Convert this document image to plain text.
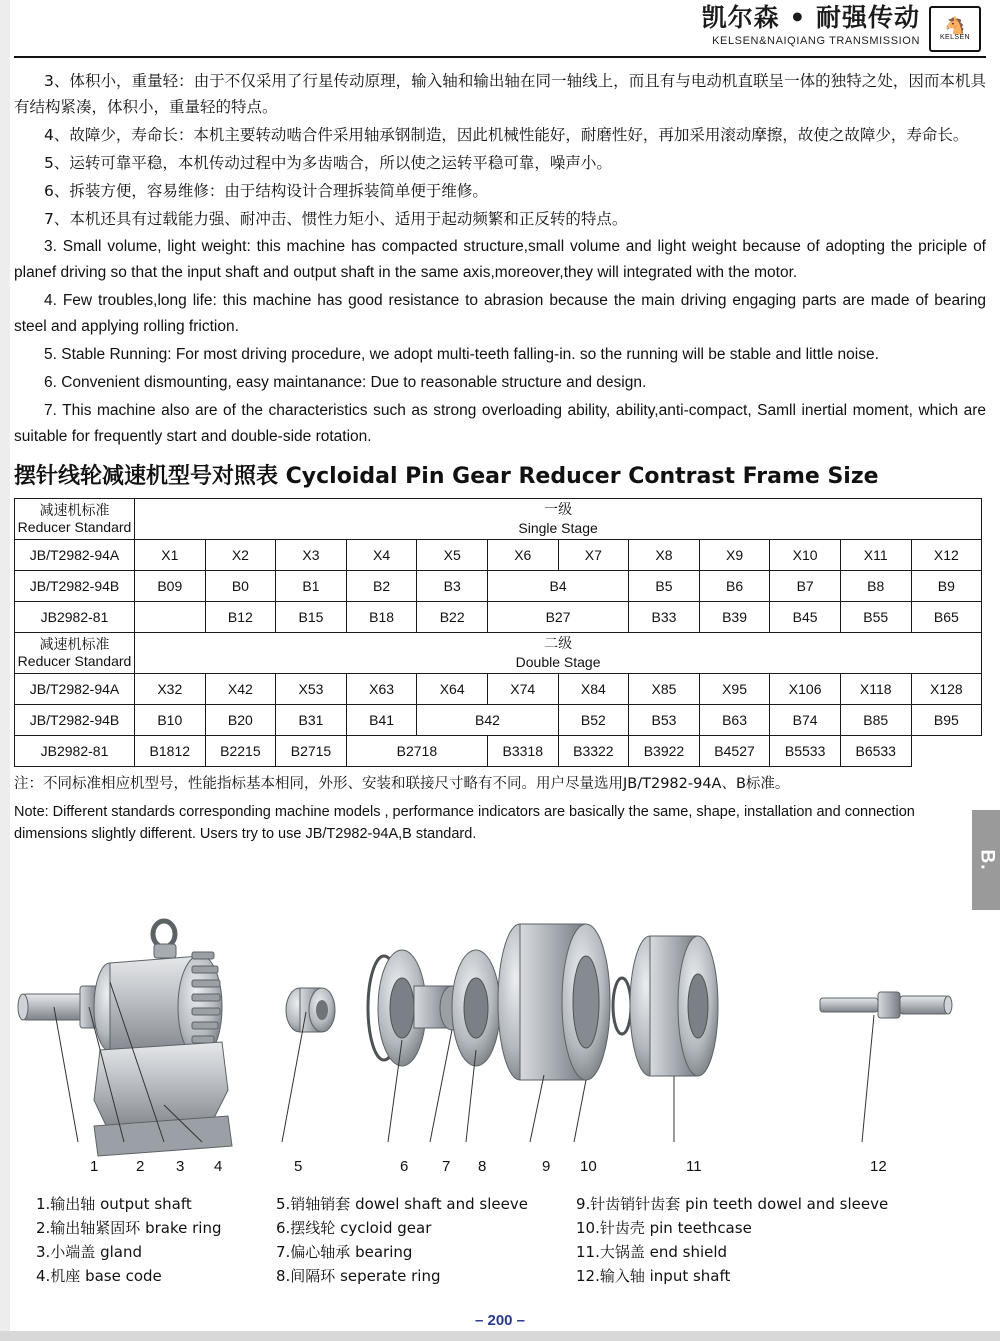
凯尔森 • 耐强传动
KELSEN&NAIQIANG TRANSMISSION
🐴
KELSEN

3、体积小，重量轻：由于不仅采用了行星传动原理，输入轴和输出轴在同一轴线上，而且有与电动机直联呈一体的独特之处，因而本机具有结构紧凑，体积小，重量轻的特点。

4、故障少，寿命长：本机主要转动啮合件采用轴承钢制造，因此机械性能好，耐磨性好，再加采用滚动摩擦，故使之故障少，寿命长。

5、运转可靠平稳，本机传动过程中为多齿啮合，所以使之运转平稳可靠，噪声小。

6、拆装方便，容易维修：由于结构设计合理拆装简单便于维修。

7、本机还具有过载能力强、耐冲击、惯性力矩小、适用于起动频繁和正反转的特点。

3. Small volume, light weight: this machine has compacted structure,small volume and light weight because of adopting the priciple of planef driving so that the input shaft and output shaft in the same axis,moreover,they will integrated with the motor.

4. Few troubles,long life: this machine has good resistance to abrasion because the main driving engaging parts are made of bearing steel and applying rolling friction.

5. Stable Running: For most driving procedure, we adopt multi-teeth falling-in. so the running will be stable and little noise.

6. Convenient dismounting, easy maintanance: Due to reasonable structure and design.

7. This machine also are of the characteristics such as strong overloading ability, ability,anti-compact, Samll inertial moment, which are suitable for frequently start and double-side rotation.

摆针线轮减速机型号对照表 Cycloidal Pin Gear Reducer Contrast Frame Size
减速机标准
Reducer Standard

一级
Single Stage

JB/T2982-94A	X1	X2	X3	X4	X5	X6	X7	X8	X9	X10	X11	X12
JB/T2982-94B	B09	B0	B1	B2	B3	B4		B5	B6	B7	B8	B9
JB2982-81		B12	B15	B18	B22	B27		B33	B39	B45	B55	B65

减速机标准
Reducer Standard

二级
Double Stage

JB/T2982-94A	X32	X42	X53	X63	X64	X74	X84	X85	X95	X106	X118	X128
JB/T2982-94B	B10	B20	B31	B41	B42		B52	B53	B63	B74	B85	B95
JB2982-81	B1812	B2215	B2715	B2718		B3318	B3322	B3922	B4527	B5533	B6533	
注：不同标准相应机型号，性能指标基本相同，外形、安装和联接尺寸略有不同。用户尽量选用JB/T2982-94A、B标准。
Note: Different standards corresponding machine models , performance indicators are basically the same, shape, installation and connection dimensions slightly different. Users try to use JB/T2982-94A,B standard.
B.
1	2 3 4	5	6 7 8	9 10	11	12
1.输出轴 output shaft
2.输出轴紧固环 brake ring
3.小端盖 gland
4.机座 base code
5.销轴销套 dowel shaft and sleeve
6.摆线轮 cycloid gear
7.偏心轴承 bearing
8.间隔环 seperate ring
9.针齿销针齿套 pin teeth dowel and sleeve
10.针齿壳 pin teethcase
11.大锅盖 end shield
12.输入轴 input shaft
– 200 –
